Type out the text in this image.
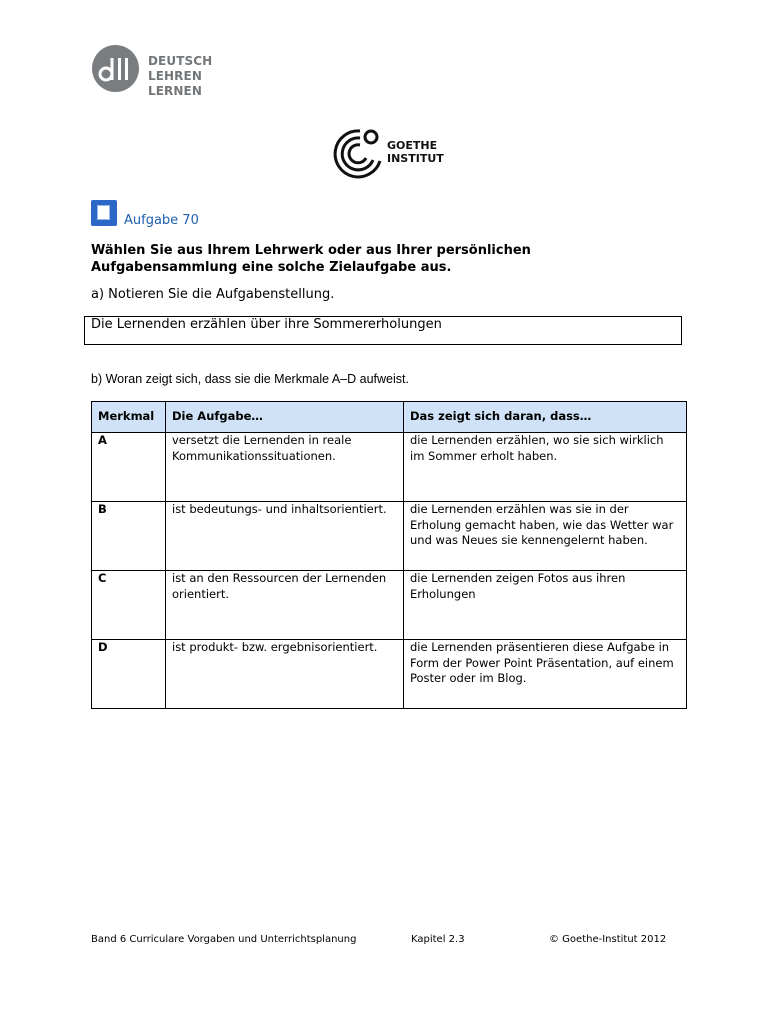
DEUTSCH
LEHREN LERNEN
GOETHE
INSTITUT
Aufgabe 70
Wählen Sie aus Ihrem Lehrwerk oder aus Ihrer persönlichen
Aufgabensammlung eine solche Zielaufgabe aus.
a) Notieren Sie die Aufgabenstellung.
Die Lernenden erzählen über ihre Sommererholungen
b) Woran zeigt sich, dass sie die Merkmale A–D aufweist.
Merkmal	Die Aufgabe…	Das zeigt sich daran, dass…
A	versetzt die Lernenden in reale Kommunikationssituationen.	die Lernenden erzählen, wo sie sich wirklich im Sommer erholt haben.
B	ist bedeutungs- und inhaltsorientiert.	die Lernenden erzählen was sie in der Erholung gemacht haben, wie das Wetter war und was Neues sie kennengelernt haben.
C	ist an den Ressourcen der Lernenden orientiert.	die Lernenden zeigen Fotos aus ihren Erholungen
D	ist produkt- bzw. ergebnisorientiert.	die Lernenden präsentieren diese Aufgabe in Form der Power Point Präsentation, auf einem Poster oder im Blog.
Band 6 Curriculare Vorgaben und Unterrichtsplanung	Kapitel 2.3	© Goethe-Institut 2012
